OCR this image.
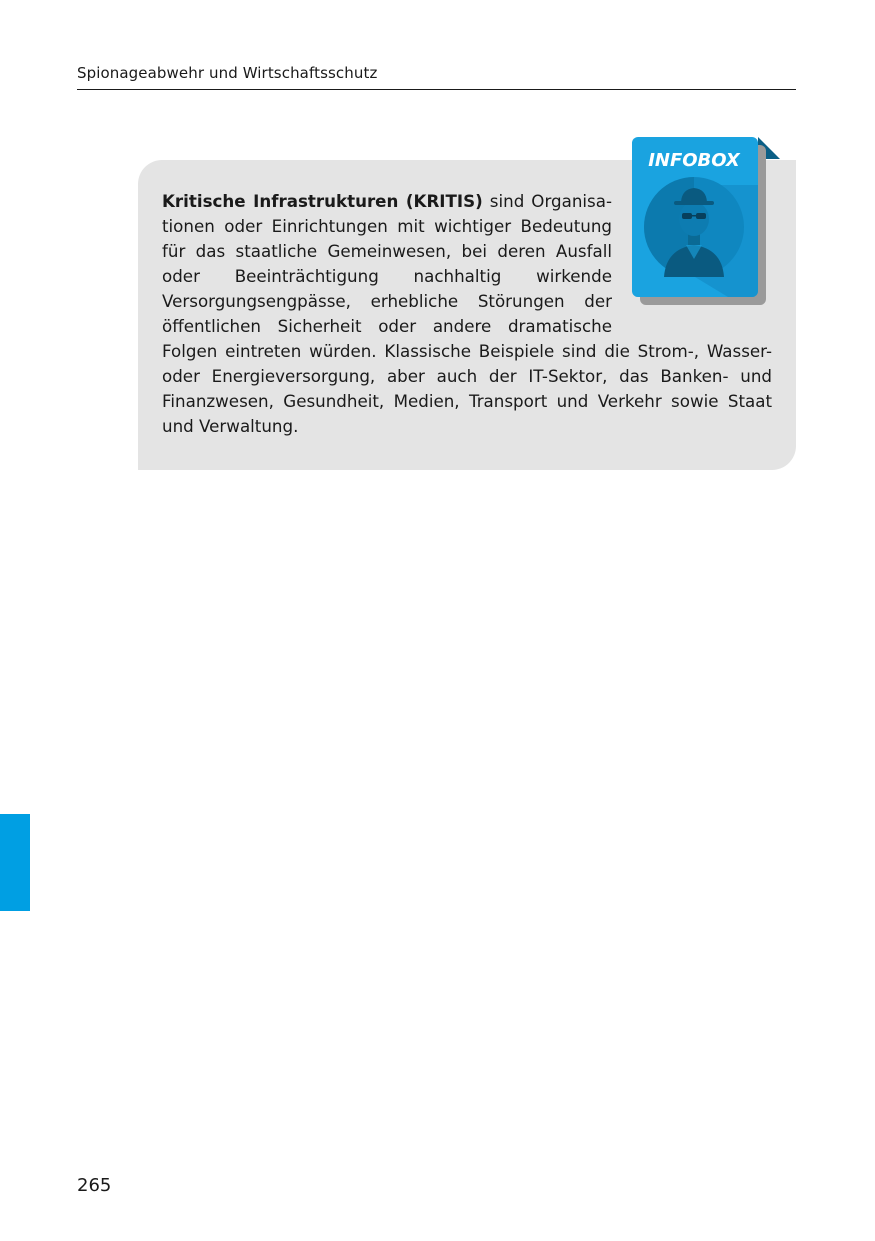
Spionageabwehr und Wirtschaftsschutz

Kritische Infrastrukturen (KRITIS) sind Organisationen oder Einrichtungen mit wichtiger Bedeutung für das staatliche Gemeinwesen, bei deren Ausfall oder Beeinträchtigung nachhaltig wirkende Versorgungsengpässe, erhebliche Störungen der öffentlichen Sicherheit oder andere dramatische Folgen eintreten würden. Klassische Beispiele sind die Strom-, Wasser- oder Energieversorgung, aber auch der IT-Sektor, das Banken- und Finanzwesen, Gesundheit, Medien, Transport und Verkehr sowie Staat und Verwaltung.

INFOBOX
265
